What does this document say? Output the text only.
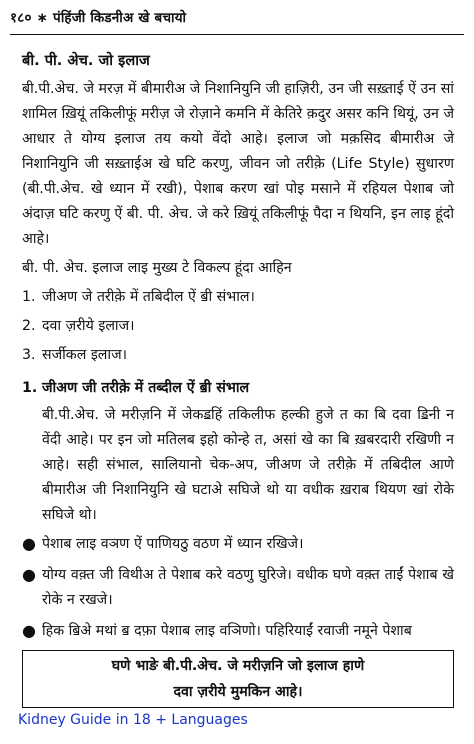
१८० ∗ पंहिंजी किडनीअ खे बचायो
बी. पी. अेच. जो इलाज

बी.पी.अेच. जे मरज़ में बीमारीअ जे निशानियुनि जी हाज़िरी, उन जी सख़्ताई ऐं उन सां शामिल ख़ियूं तकिलीफूं मरीज़ जे रोज़ाने कमनि में केतिरे क़दुर असर कनि थियूं, उन जे आधार ते योग्य इलाज तय कयो वेंदो आहे। इलाज जो मक़सिद बीमारीअ जे निशानियुनि जी सख़्ताईअ खे घटि करणु, जीवन जो तरीक़े (Life Style) सुधारण (बी.पी.अेच. खे ध्यान में रखी), पेशाब करण खां पोइ मसाने में रहियल पेशाब जो अंदाज़ घटि करणु ऐं बी. पी. अेच. जे करे ख़ियूं तकिलीफूं पैदा न थियनि, इन लाइ हूंदो आहे।

बी. पी. अेच. इलाज लाइ मुख्य टे विकल्प हूंदा आहिन

1. जीअण जे तरीक़े में तबिदील ऐं ॿी संभाल।
2. दवा ज़रीये इलाज।
3. सर्जीकल इलाज।
1. जीअण जी तरीक़े में तब्दील ऐं ॿी संभाल

बी.पी.अेच. जे मरीज़नि में जेकॾहिं तकिलीफ हल्की हुजे त का बि दवा ॾिनी न वेंदी आहे। पर इन जो मतिलब इहो कोन्हे त, असां खे का बि ख़बरदारी रखिणी न आहे। सही संभाल, सालियानो चेक-अप, जीअण जे तरीक़े में तबिदील आणे बीमारीअ जी निशानियुनि खे घटाअे सघिजे थो या वधीक ख़राब थियण खां रोके सघिजे थो।

● पेशाब लाइ वञण ऐं पाणियठु वठण में ध्यान रखिजे।
● योग्य वक़्त जी विथीअ ते पेशाब करे वठणु घुरिजे। वधीक घणे वक़्त ताईं पेशाब खे रोके न रखजे।
● हिक ॿिअे मथां ॿ दफ़ा पेशाब लाइ वञिणो। पहिरियाईं रवाजी नमूने पेशाब
घणे भाङे बी.पी.अेच. जे मरीज़नि जो इलाज हाणे
दवा ज़रीये मुमकिन आहे।
Kidney Guide in 18 + Languages
